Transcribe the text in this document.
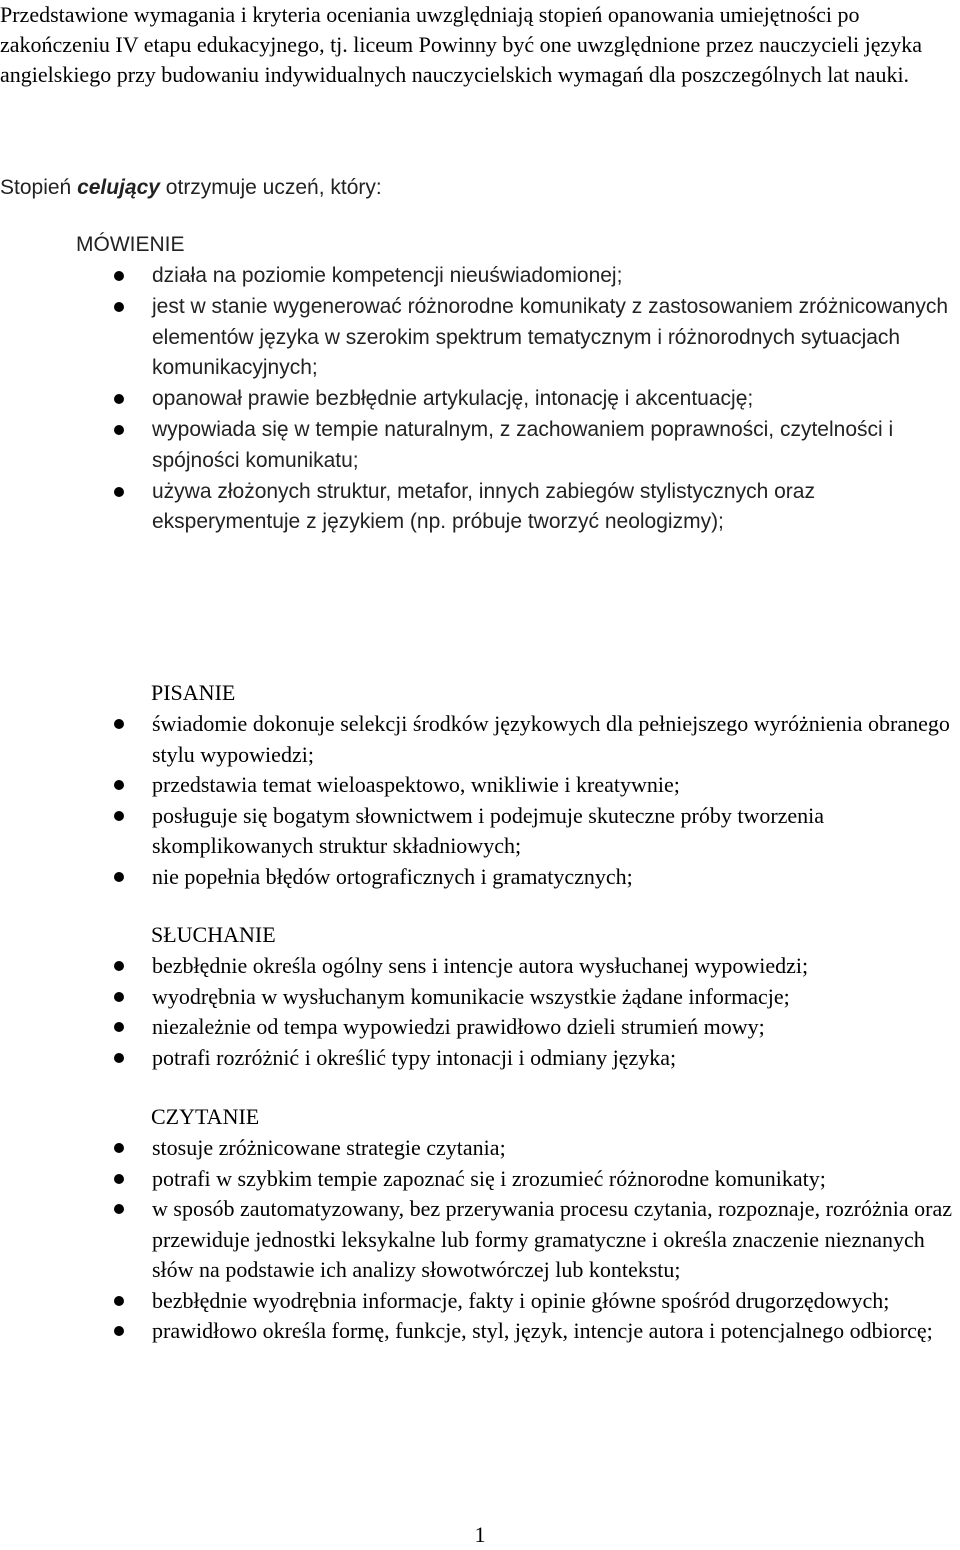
Przedstawione wymagania i kryteria oceniania uwzględniają stopień opanowania umiejętności po zakończeniu IV etapu edukacyjnego, tj. liceum Powinny być one uwzględnione przez nauczycieli języka angielskiego przy budowaniu indywidualnych nauczycielskich wymagań dla poszczególnych lat nauki.

Stopień celujący otrzymuje uczeń, który:

MÓWIENIE

działa na poziomie kompetencji nieuświadomionej;
jest w stanie wygenerować różnorodne komunikaty z zastosowaniem zróżnicowanych elementów języka w szerokim spektrum tematycznym i różnorodnych sytuacjach komunikacyjnych;
opanował prawie bezbłędnie artykulację, intonację i akcentuację;
wypowiada się w tempie naturalnym, z zachowaniem poprawności, czytelności i spójności komunikatu;
używa złożonych struktur, metafor, innych zabiegów stylistycznych oraz eksperymentuje z językiem (np. próbuje tworzyć neologizmy);

PISANIE

świadomie dokonuje selekcji środków językowych dla pełniejszego wyróżnienia obranego stylu wypowiedzi;
przedstawia temat wieloaspektowo, wnikliwie i kreatywnie;
posługuje się bogatym słownictwem i podejmuje skuteczne próby tworzenia skomplikowanych struktur składniowych;
nie popełnia błędów ortograficznych i gramatycznych;

SŁUCHANIE

bezbłędnie określa ogólny sens i intencje autora wysłuchanej wypowiedzi;
wyodrębnia w wysłuchanym komunikacie wszystkie żądane informacje;
niezależnie od tempa wypowiedzi prawidłowo dzieli strumień mowy;
potrafi rozróżnić i określić typy intonacji i odmiany języka;

CZYTANIE

stosuje zróżnicowane strategie czytania;
potrafi w szybkim tempie zapoznać się i zrozumieć różnorodne komunikaty;
w sposób zautomatyzowany, bez przerywania procesu czytania, rozpoznaje, rozróżnia oraz przewiduje jednostki leksykalne lub formy gramatyczne i określa znaczenie nieznanych słów na podstawie ich analizy słowotwórczej lub kontekstu;
bezbłędnie wyodrębnia informacje, fakty i opinie główne spośród drugorzędowych;
prawidłowo określa formę, funkcje, styl, język, intencje autora i potencjalnego odbiorcę;

1
